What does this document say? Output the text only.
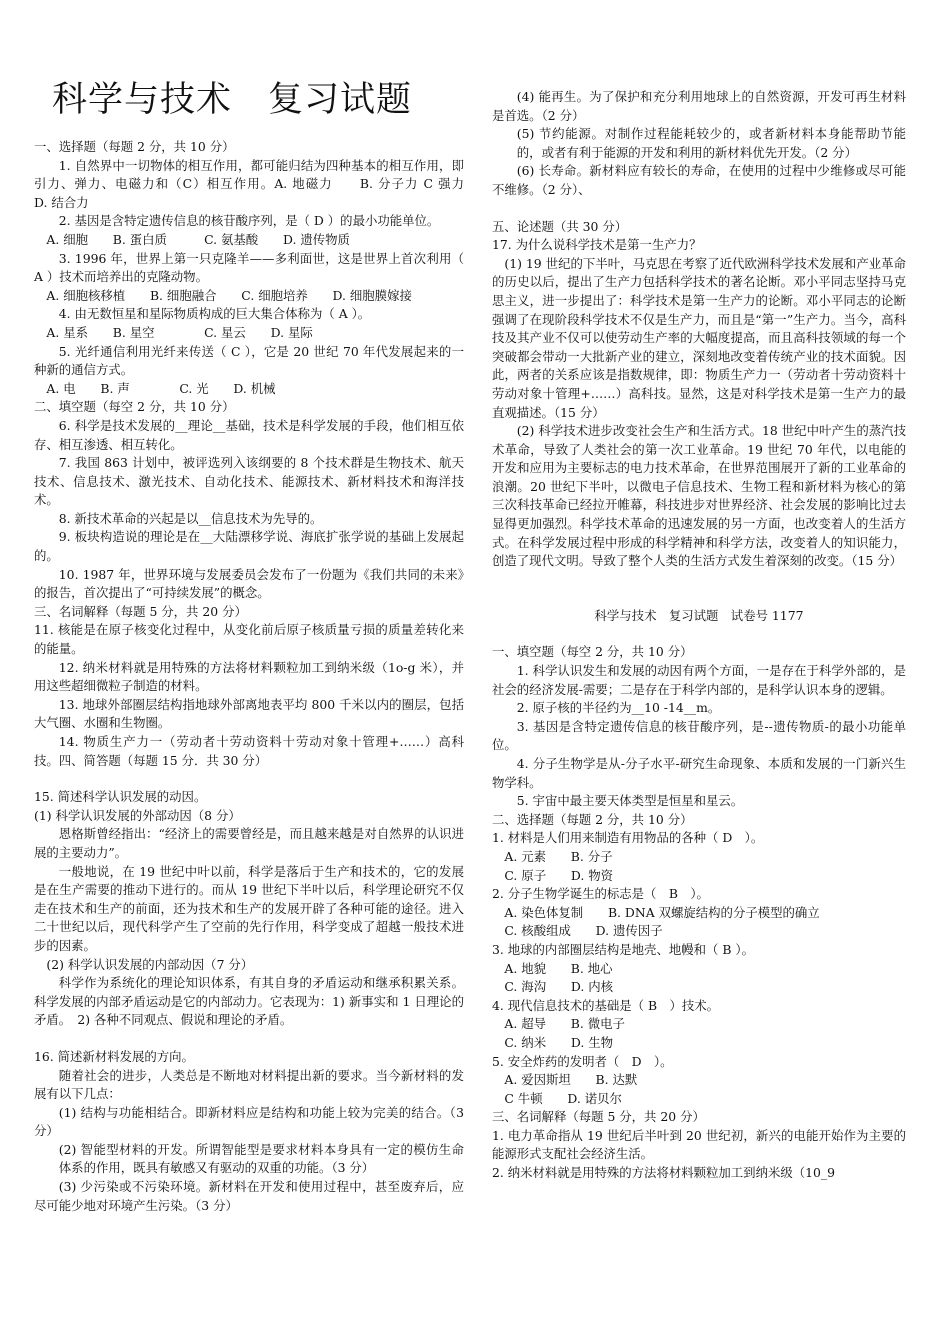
科学与技术　复习试题

一、选择题（每题 2 分，共 10 分）

1. 自然界中一切物体的相互作用，都可能归结为四种基本的相互作用，即引力、弹力、电磁力和（C）相互作用。A. 地磁力　　B. 分子力 C 强力　　D. 结合力

2. 基因是含特定遗传信息的核苷酸序列，是（ D ）的最小功能单位。

A. 细胞　　B. 蛋白质　　　C. 氨基酸　　D. 遗传物质

3. 1996 年，世界上第一只克隆羊——多利面世，这是世界上首次利用（ A ）技术而培养出的克隆动物。

A. 细胞核移植　　B. 细胞融合　　C. 细胞培养　　D. 细胞膜嫁接

4. 由无数恒星和星际物质构成的巨大集合体称为（ A ）。

A. 星系　　B. 星空　　　　C. 星云　　D. 星际

5. 光纤通信利用光纤来传送（ C ），它是 20 世纪 70 年代发展起来的一种新的通信方式。

A. 电　　B. 声　　　　C. 光　　D. 机械

二、填空题（每空 2 分，共 10 分）

6. 科学是技术发展的__理论__基础，技术是科学发展的手段，他们相互依存、相互渗透、相互转化。

7. 我国 863 计划中，被评选列入该纲要的 8 个技术群是生物技术、航天技术、信息技术、激光技术、自动化技术、能源技术、新材料技术和海洋技术。

8. 新技术革命的兴起是以__信息技术为先导的。

9. 板块构造说的理论是在__大陆漂移学说、海底扩张学说的基础上发展起的。

10. 1987 年，世界环境与发展委员会发布了一份题为《我们共同的未来》的报告，首次提出了“可持续发展”的概念。

三、名词解释（每题 5 分，共 20 分）

11. 核能是在原子核变化过程中，从变化前后原子核质量亏损的质量差转化来的能量。

12. 纳米材料就是用特殊的方法将材料颗粒加工到纳米级（1o-g 米），并用这些超细微粒子制造的材料。

13. 地球外部圈层结构指地球外部离地表平均 800 千米以内的圈层，包括大气圈、水圈和生物圈。

14. 物质生产力一（劳动者十劳动资料十劳动对象十管理+……）高科技。四、简答题（每题 15 分．共 30 分）

15. 简述科学认识发展的动因。

(1) 科学认识发展的外部动因（8 分）

恩格斯曾经指出：“经济上的需要曾经是，而且越来越是对自然界的认识进展的主要动力”。

一般地说，在 19 世纪中叶以前，科学是落后于生产和技术的，它的发展是在生产需要的推动下进行的。而从 19 世纪下半叶以后，科学理论研究不仅走在技术和生产的前面，还为技术和生产的发展开辟了各种可能的途径。进入二十世纪以后，现代科学产生了空前的先行作用，科学变成了超越一般技术进步的因素。

(2) 科学认识发展的内部动因（7 分）

科学作为系统化的理论知识体系，有其自身的矛盾运动和继承积累关系。科学发展的内部矛盾运动是它的内部动力。它表现为：1) 新事实和 1 日理论的矛盾。　2) 各种不同观点、假说和理论的矛盾。

16. 简述新材料发展的方向。

随着社会的进步，人类总是不断地对材料提出新的要求。当今新材料的发展有以下几点：

(1) 结构与功能相结合。即新材料应是结构和功能上较为完美的结合。（3 分）

(2) 智能型材料的开发。所谓智能型是要求材料本身具有一定的模仿生命体系的作用，既具有敏感又有驱动的双重的功能。（3 分）

(3) 少污染或不污染环境。新材料在开发和使用过程中，甚至废弃后，应尽可能少地对环境产生污染。（3 分）

(4) 能再生。为了保护和充分利用地球上的自然资源，开发可再生材料是首选。（2 分）

(5) 节约能源。对制作过程能耗较少的，或者新材料本身能帮助节能的，或者有利于能源的开发和利用的新材料优先开发。（2 分）

(6) 长寿命。新材料应有较长的寿命，在使用的过程中少维修或尽可能不维修。（2 分）、

五、论述题（共 30 分）

17. 为什么说科学技术是第一生产力？

(1) 19 世纪的下半叶，马克思在考察了近代欧洲科学技术发展和产业革命的历史以后，提出了生产力包括科学技术的著名论断。邓小平同志坚持马克思主义，进一步提出了：科学技术是第一生产力的论断。邓小平同志的论断强调了在现阶段科学技术不仅是生产力，而且是“第一”生产力。当今，高科技及其产业不仅可以使劳动生产率的大幅度提高，而且高科技领域的每一个突破都会带动一大批新产业的建立，深刻地改变着传统产业的技术面貌。因此，两者的关系应该是指数规律，即：物质生产力一（劳动者十劳动资料十劳动对象十管理+……）高科技。显然，这是对科学技术是第一生产力的最直观描述。（15 分）

(2) 科学技术进步改变社会生产和生活方式。18 世纪中叶产生的蒸汽技术革命，导致了人类社会的第一次工业革命。19 世纪 70 年代，以电能的开发和应用为主要标志的电力技术革命，在世界范围展开了新的工业革命的浪潮。20 世纪下半叶，以微电子信息技术、生物工程和新材料为核心的第三次科技革命已经拉开帷幕，科技进步对世界经济、社会发展的影响比过去显得更加强烈。科学技术革命的迅速发展的另一方面，也改变着人的生活方式。在科学发展过程中形成的科学精神和科学方法，改变着人的知识能力，创造了现代文明。导致了整个人类的生活方式发生着深刻的改变。（15 分）

科学与技术　复习试题　试卷号 1177

一、填空题（每空 2 分，共 10 分）

1. 科学认识发生和发展的动因有两个方面，一是存在于科学外部的，是社会的经济发展-需要；二是存在于科学内部的，是科学认识本身的逻辑。

2. 原子核的半径约为__10 -14__m。

3. 基因是含特定遗传信息的核苷酸序列，是--遗传物质-的最小功能单位。

4. 分子生物学是从-分子水平-研究生命现象、本质和发展的一门新兴生物学科。

5. 宇宙中最主要天体类型是恒星和星云。

二、选择题（每题 2 分，共 10 分）

1. 材料是人们用来制造有用物品的各种（ D　）。

A. 元素　　B. 分子

C. 原子　　D. 物资

2. 分子生物学诞生的标志是（　B　）。

A. 染色体复制　　B. DNA 双螺旋结构的分子模型的确立

C. 核酸组成　　D. 遗传因子

3. 地球的内部圈层结构是地壳、地幔和（ B ）。

A. 地貌　　B. 地心

C. 海沟　　D. 内核

4. 现代信息技术的基础是（ B　）技术。

A. 超导　　B. 微电子

C. 纳米　　D. 生物

5. 安全炸药的发明者（　D　）。

A. 爱因斯坦　　B. 达默

C 牛顿　　D. 诺贝尔

三、名词解释（每题 5 分，共 20 分）

1. 电力革命指从 19 世纪后半叶到 20 世纪初，新兴的电能开始作为主要的能源形式支配社会经济生活。

2. 纳米材料就是用特殊的方法将材料颗粒加工到纳米级（10_9
